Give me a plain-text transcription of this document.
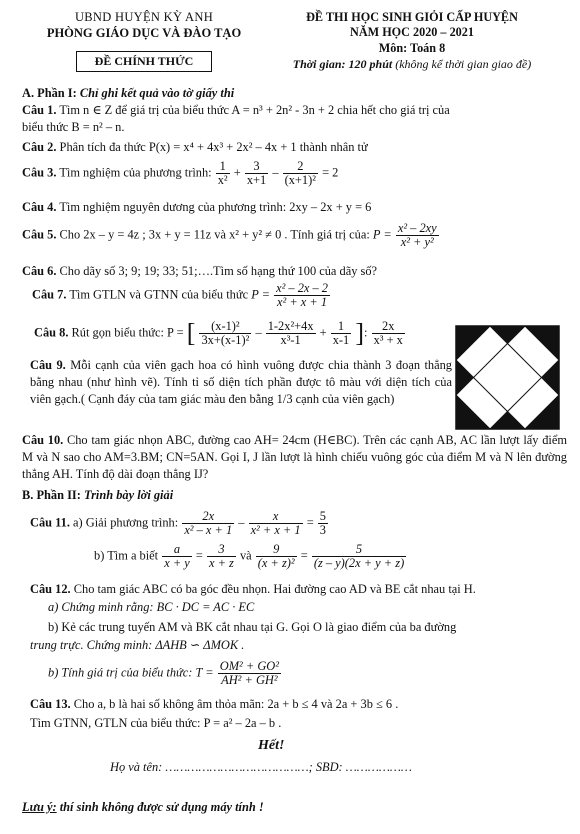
UBND HUYỆN KỲ ANH
PHÒNG GIÁO DỤC VÀ ĐÀO TẠO
ĐỀ CHÍNH THỨC
ĐỀ THI HỌC SINH GIỎI CẤP HUYỆN
NĂM HỌC 2020 – 2021
Môn: Toán 8
Thời gian: 120 phút (không kể thời gian giao đề)
A. Phần I: Chỉ ghi kết quả vào tờ giấy thi
Câu 1. Tìm n ∈ Z để giá trị của biểu thức A = n³ + 2n² - 3n + 2 chia hết cho giá trị của
biểu thức B = n² – n.
Câu 2. Phân tích đa thức P(x) = x⁴ + 4x³ + 2x² – 4x + 1 thành nhân tử
Câu 3. Tìm nghiệm của phương trình: $\frac{1}{\text{x²}} + \frac{3}{x+1} - \frac{2}{\text{(x+1)²}} = 2$
Câu 4. Tìm nghiệm nguyên dương của phương trình: 2xy – 2x + y = 6
Câu 5. Cho 2x – y = 4z ; 3x + y = 11z và x² + y² ≠ 0 . Tính giá trị của: $P = \frac{\text{x² – 2xy}}{\text{x² + y²}}$
Câu 6. Cho dãy số 3; 9; 19; 33; 51;….Tìm số hạng thứ 100 của dãy số?
Câu 7. Tìm GTLN và GTNN của biểu thức $P = \frac{\text{x² – 2x – 2}}{\text{x² + x + 1}}$
Câu 8. Rút gọn biểu thức: P = [ $\frac{\text{(x-1)²}}{\text{3x+(x-1)²}} - \frac{\text{1-2x²+4x}}{\text{x³-1}} + \frac{1}{x-1}$ ]: $\frac{2x}{\text{x³ + x}}$
Câu 9. Mỗi cạnh của viên gạch hoa có hình vuông được chia thành 3 đoạn thẳng bằng nhau (như hình vẽ). Tính tỉ số diện tích phần được tô màu với diện tích của viên gạch.( Cạnh đáy của tam giác màu đen bằng 1/3 cạnh của viên gạch)
Câu 10. Cho tam giác nhọn ABC, đường cao AH= 24cm (H∈BC). Trên các cạnh AB, AC lần lượt lấy điểm M và N sao cho AM=3.BM; CN=5AN. Gọi I, J lần lượt là hình chiếu vuông góc của điểm M và N lên đường thẳng AH. Tính độ dài đoạn thẳng IJ?
B. Phần II: Trình bày lời giải
Câu 11. a) Giải phương trình: $\frac{2x}{\text{x² – x + 1}} - \frac{x}{\text{x² + x + 1}} = \frac{5}{3}$
b) Tìm a biết $\frac{a}{x + y} = \frac{3}{x + z}$ và $\frac{9}{\text{(x + z)²}} = \frac{5}{(z - y)(2x + y + z)}$
Câu 12. Cho tam giác ABC có ba góc đều nhọn. Hai đường cao AD và BE cắt nhau tại H.
a) Chứng minh rằng: BC · DC = AC · EC
b) Kẻ các trung tuyến AM và BK cắt nhau tại G. Gọi O là giao điểm của ba đường
trung trực. Chứng minh: ΔAHB ∽ ΔMOK .
b) Tính giá trị của biểu thức: $T = \frac{\text{OM² + GO²}}{\text{AH² + GH²}}$
Câu 13. Cho a, b là hai số không âm thỏa mãn: 2a + b ≤ 4 và 2a + 3b ≤ 6 .
Tìm GTNN, GTLN của biểu thức: P = a² – 2a – b .
Hết!
Họ và tên: …………………………………; SBD: ………………
Lưu ý: thí sinh không được sử dụng máy tính !
